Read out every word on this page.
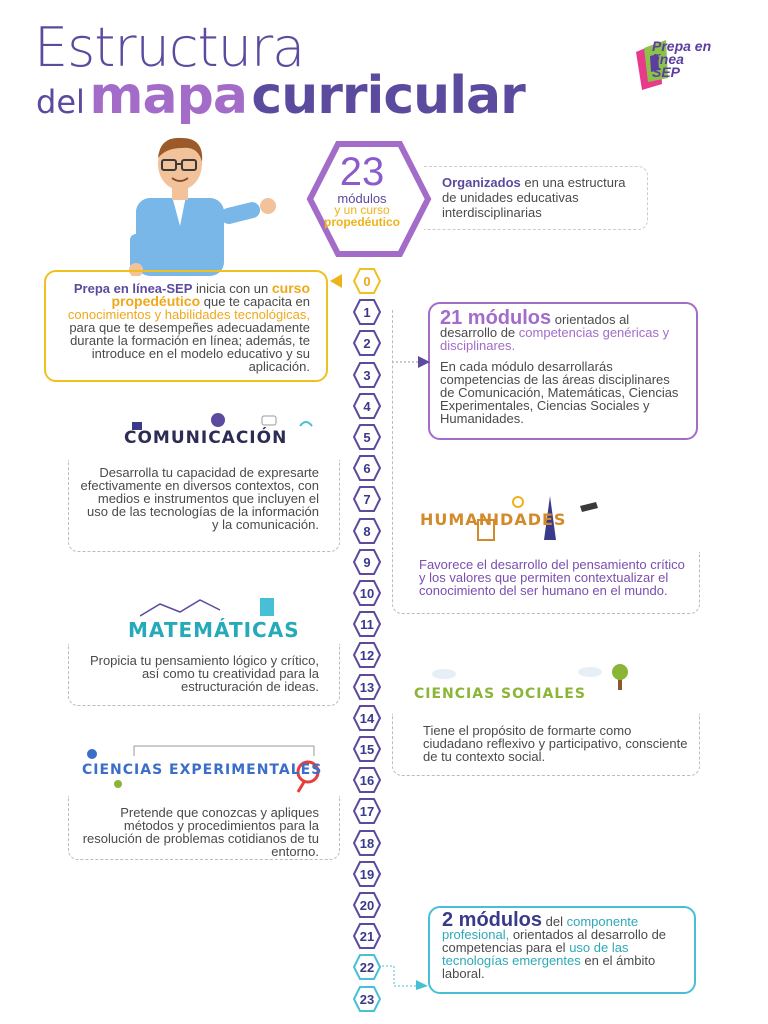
Estructura
del mapa curricular
Prepa en línea SEP
23
módulos
y un curso
propedéutico
Organizados en una estructura de unidades educativas interdisciplinarias
Prepa en línea-SEP inicia con un curso propedéutico que te capacita en conocimientos y habilidades tecnológicas, para que te desempeñes adecuadamente durante la formación en línea; además, te introduce en el modelo educativo y su aplicación.

21 módulos orientados al desarrollo de competencias genéricas y disciplinares.

En cada módulo desarrollarás competencias de las áreas disciplinares de Comunicación, Matemáticas, Ciencias Experimentales, Ciencias Sociales y Humanidades.

COMUNICACIÓN
Desarrolla tu capacidad de expresarte efectivamente en diversos contextos, con medios e instrumentos que incluyen el uso de las tecnologías de la información y la comunicación.	HUMANIDADES
Favorece el desarrollo del pensamiento crítico y los valores que permiten contextualizar el conocimiento del ser humano en el mundo.
MATEMÁTICAS
Propicia tu pensamiento lógico y crítico, así como tu creatividad para la estructuración de ideas.	CIENCIAS SOCIALES
Tiene el propósito de formarte como ciudadano reflexivo y participativo, consciente de tu contexto social.
CIENCIAS EXPERIMENTALES
Pretende que conozcas y apliques métodos y procedimientos para la resolución de problemas cotidianos de tu entorno.
2 módulos del componente profesional, orientados al desarrollo de competencias para el uso de las tecnologías emergentes en el ámbito laboral.
0
1
2
3
4
5
6
7
8
9
10
11
12
13
14
15
16
17
18
19
20
21
22
23
